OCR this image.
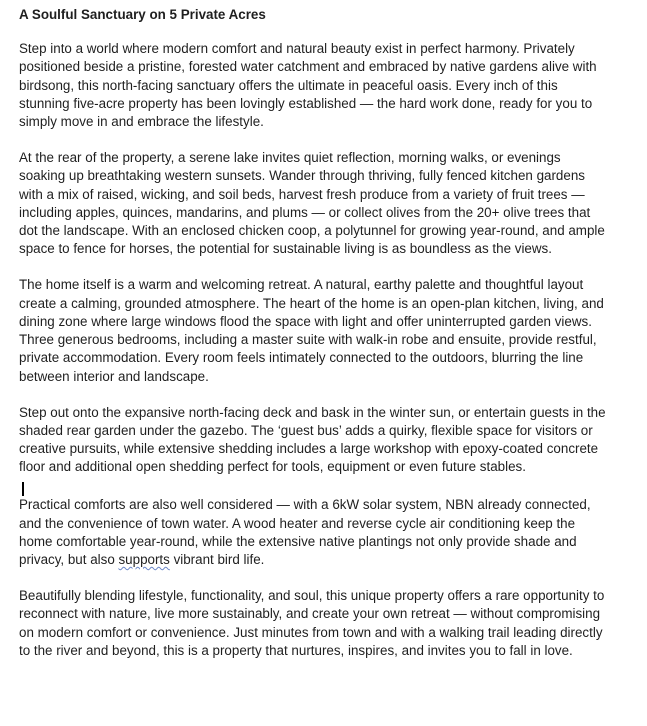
A Soulful Sanctuary on 5 Private Acres

Step into a world where modern comfort and natural beauty exist in perfect harmony. Privately positioned beside a pristine, forested water catchment and embraced by native gardens alive with birdsong, this north-facing sanctuary offers the ultimate in peaceful oasis. Every inch of this stunning five-acre property has been lovingly established — the hard work done, ready for you to simply move in and embrace the lifestyle.

At the rear of the property, a serene lake invites quiet reflection, morning walks, or evenings soaking up breathtaking western sunsets. Wander through thriving, fully fenced kitchen gardens with a mix of raised, wicking, and soil beds, harvest fresh produce from a variety of fruit trees — including apples, quinces, mandarins, and plums — or collect olives from the 20+ olive trees that dot the landscape. With an enclosed chicken coop, a polytunnel for growing year-round, and ample space to fence for horses, the potential for sustainable living is as boundless as the views.

The home itself is a warm and welcoming retreat. A natural, earthy palette and thoughtful layout create a calming, grounded atmosphere. The heart of the home is an open-plan kitchen, living, and dining zone where large windows flood the space with light and offer uninterrupted garden views. Three generous bedrooms, including a master suite with walk-in robe and ensuite, provide restful, private accommodation. Every room feels intimately connected to the outdoors, blurring the line between interior and landscape.

Step out onto the expansive north-facing deck and bask in the winter sun, or entertain guests in the shaded rear garden under the gazebo. The ‘guest bus’ adds a quirky, flexible space for visitors or creative pursuits, while extensive shedding includes a large workshop with epoxy-coated concrete floor and additional open shedding perfect for tools, equipment or even future stables.

Practical comforts are also well considered — with a 6kW solar system, NBN already connected, and the convenience of town water. A wood heater and reverse cycle air conditioning keep the home comfortable year-round, while the extensive native plantings not only provide shade and privacy, but also supports vibrant bird life.

Beautifully blending lifestyle, functionality, and soul, this unique property offers a rare opportunity to reconnect with nature, live more sustainably, and create your own retreat — without compromising on modern comfort or convenience. Just minutes from town and with a walking trail leading directly to the river and beyond, this is a property that nurtures, inspires, and invites you to fall in love.
